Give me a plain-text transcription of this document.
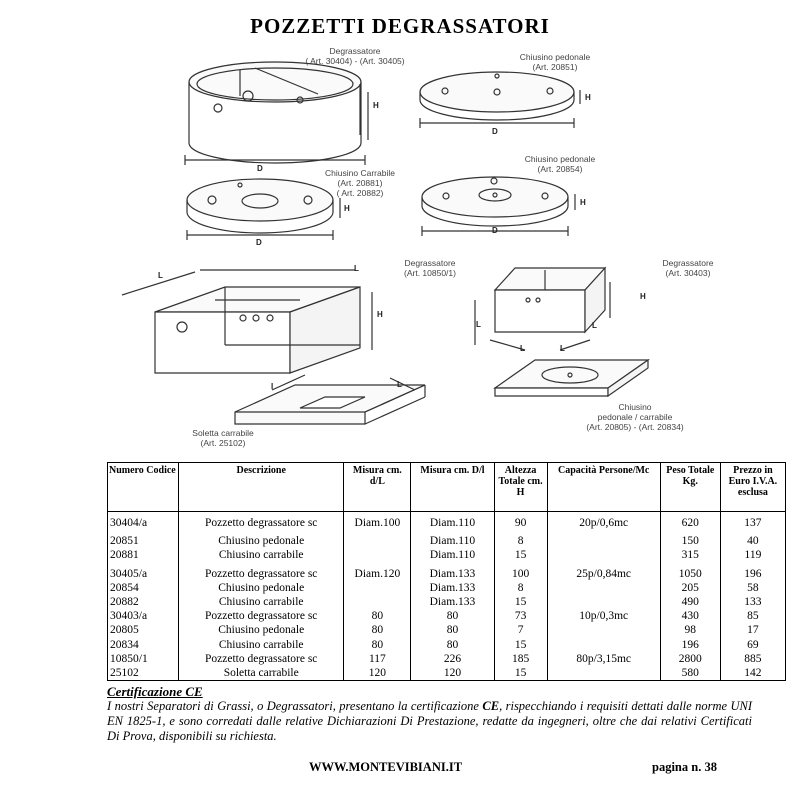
POZZETTI DEGRASSATORI
Degrassatore
( Art. 30404) - (Art. 30405)	Chiusino pedonale
(Art. 20851)
Chiusino Carrabile
(Art. 20881)
( Art. 20882)
Chiusino pedonale
(Art. 20854)
Degrassatore
(Art. 10850/1)
Degrassatore
(Art. 30403)
Soletta carrabile
(Art. 25102)
Chiusino
pedonale / carrabile
(Art. 20805) - (Art. 20834)
H
D
H
D
H
D
H
D
L
L
H
H
L
L	L
L
I	L
Numero Codice	Descrizione	Misura cm. d/L	Misura cm. D/l	Altezza Totale cm. H	Capacità Persone/Mc	Peso Totale Kg.	Prezzo in Euro I.V.A. esclusa
30404/a	Pozzetto degrassatore sc	Diam.100	Diam.110	90	20p/0,6mc	620	137
20851	Chiusino pedonale		Diam.110	8		150	40
20881	Chiusino carrabile		Diam.110	15		315	119
30405/a	Pozzetto degrassatore sc	Diam.120	Diam.133	100	25p/0,84mc	1050	196
20854	Chiusino pedonale		Diam.133	8		205	58
20882	Chiusino carrabile		Diam.133	15		490	133
30403/a	Pozzetto degrassatore sc	80	80	73	10p/0,3mc	430	85
20805	Chiusino pedonale	80	80	7		98	17
20834	Chiusino carrabile	80	80	15		196	69
10850/1	Pozzetto degrassatore sc	117	226	185	80p/3,15mc	2800	885
25102	Soletta carrabile	120	120	15		580	142
Certificazione CE
I nostri Separatori di Grassi, o Degrassatori, presentano la certificazione CE, rispecchiando i requisiti dettati dalle norme UNI EN 1825-1, e sono corredati dalle relative Dichiarazioni Di Prestazione, redatte da ingegneri, oltre che dai relativi Certificati Di Prova, disponibili su richiesta.
WWW.MONTEVIBIANI.IT	pagina n. 38
